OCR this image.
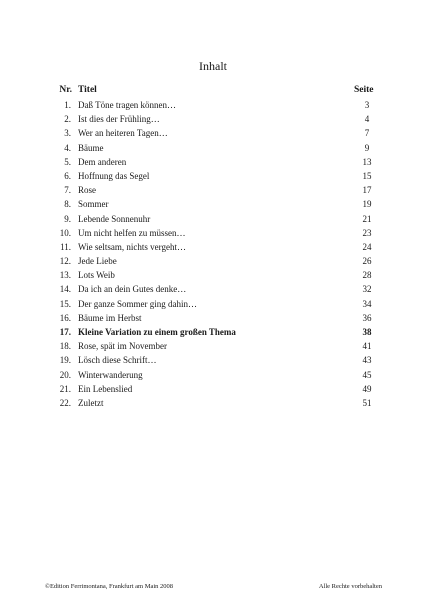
Inhalt
Nr. Titel	Seite
1. Daß Töne tragen können…	3
2. Ist dies der Frühling…	4
3. Wer an heiteren Tagen…	7
4. Bäume	9
5. Dem anderen	13
6. Hoffnung das Segel	15
7. Rose	17
8. Sommer	19
9. Lebende Sonnenuhr	21
10. Um nicht helfen zu müssen…	23
11. Wie seltsam, nichts vergeht…	24
12. Jede Liebe	26
13. Lots Weib	28
14. Da ich an dein Gutes denke…	32
15. Der ganze Sommer ging dahin…	34
16. Bäume im Herbst	36
17. Kleine Variation zu einem großen Thema	38
18. Rose, spät im November	41
19. Lösch diese Schrift…	43
20. Winterwanderung	45
21. Ein Lebenslied	49
22. Zuletzt	51
©Edition Ferrimontana, Frankfurt am Main 2008	Alle Rechte vorbehalten
